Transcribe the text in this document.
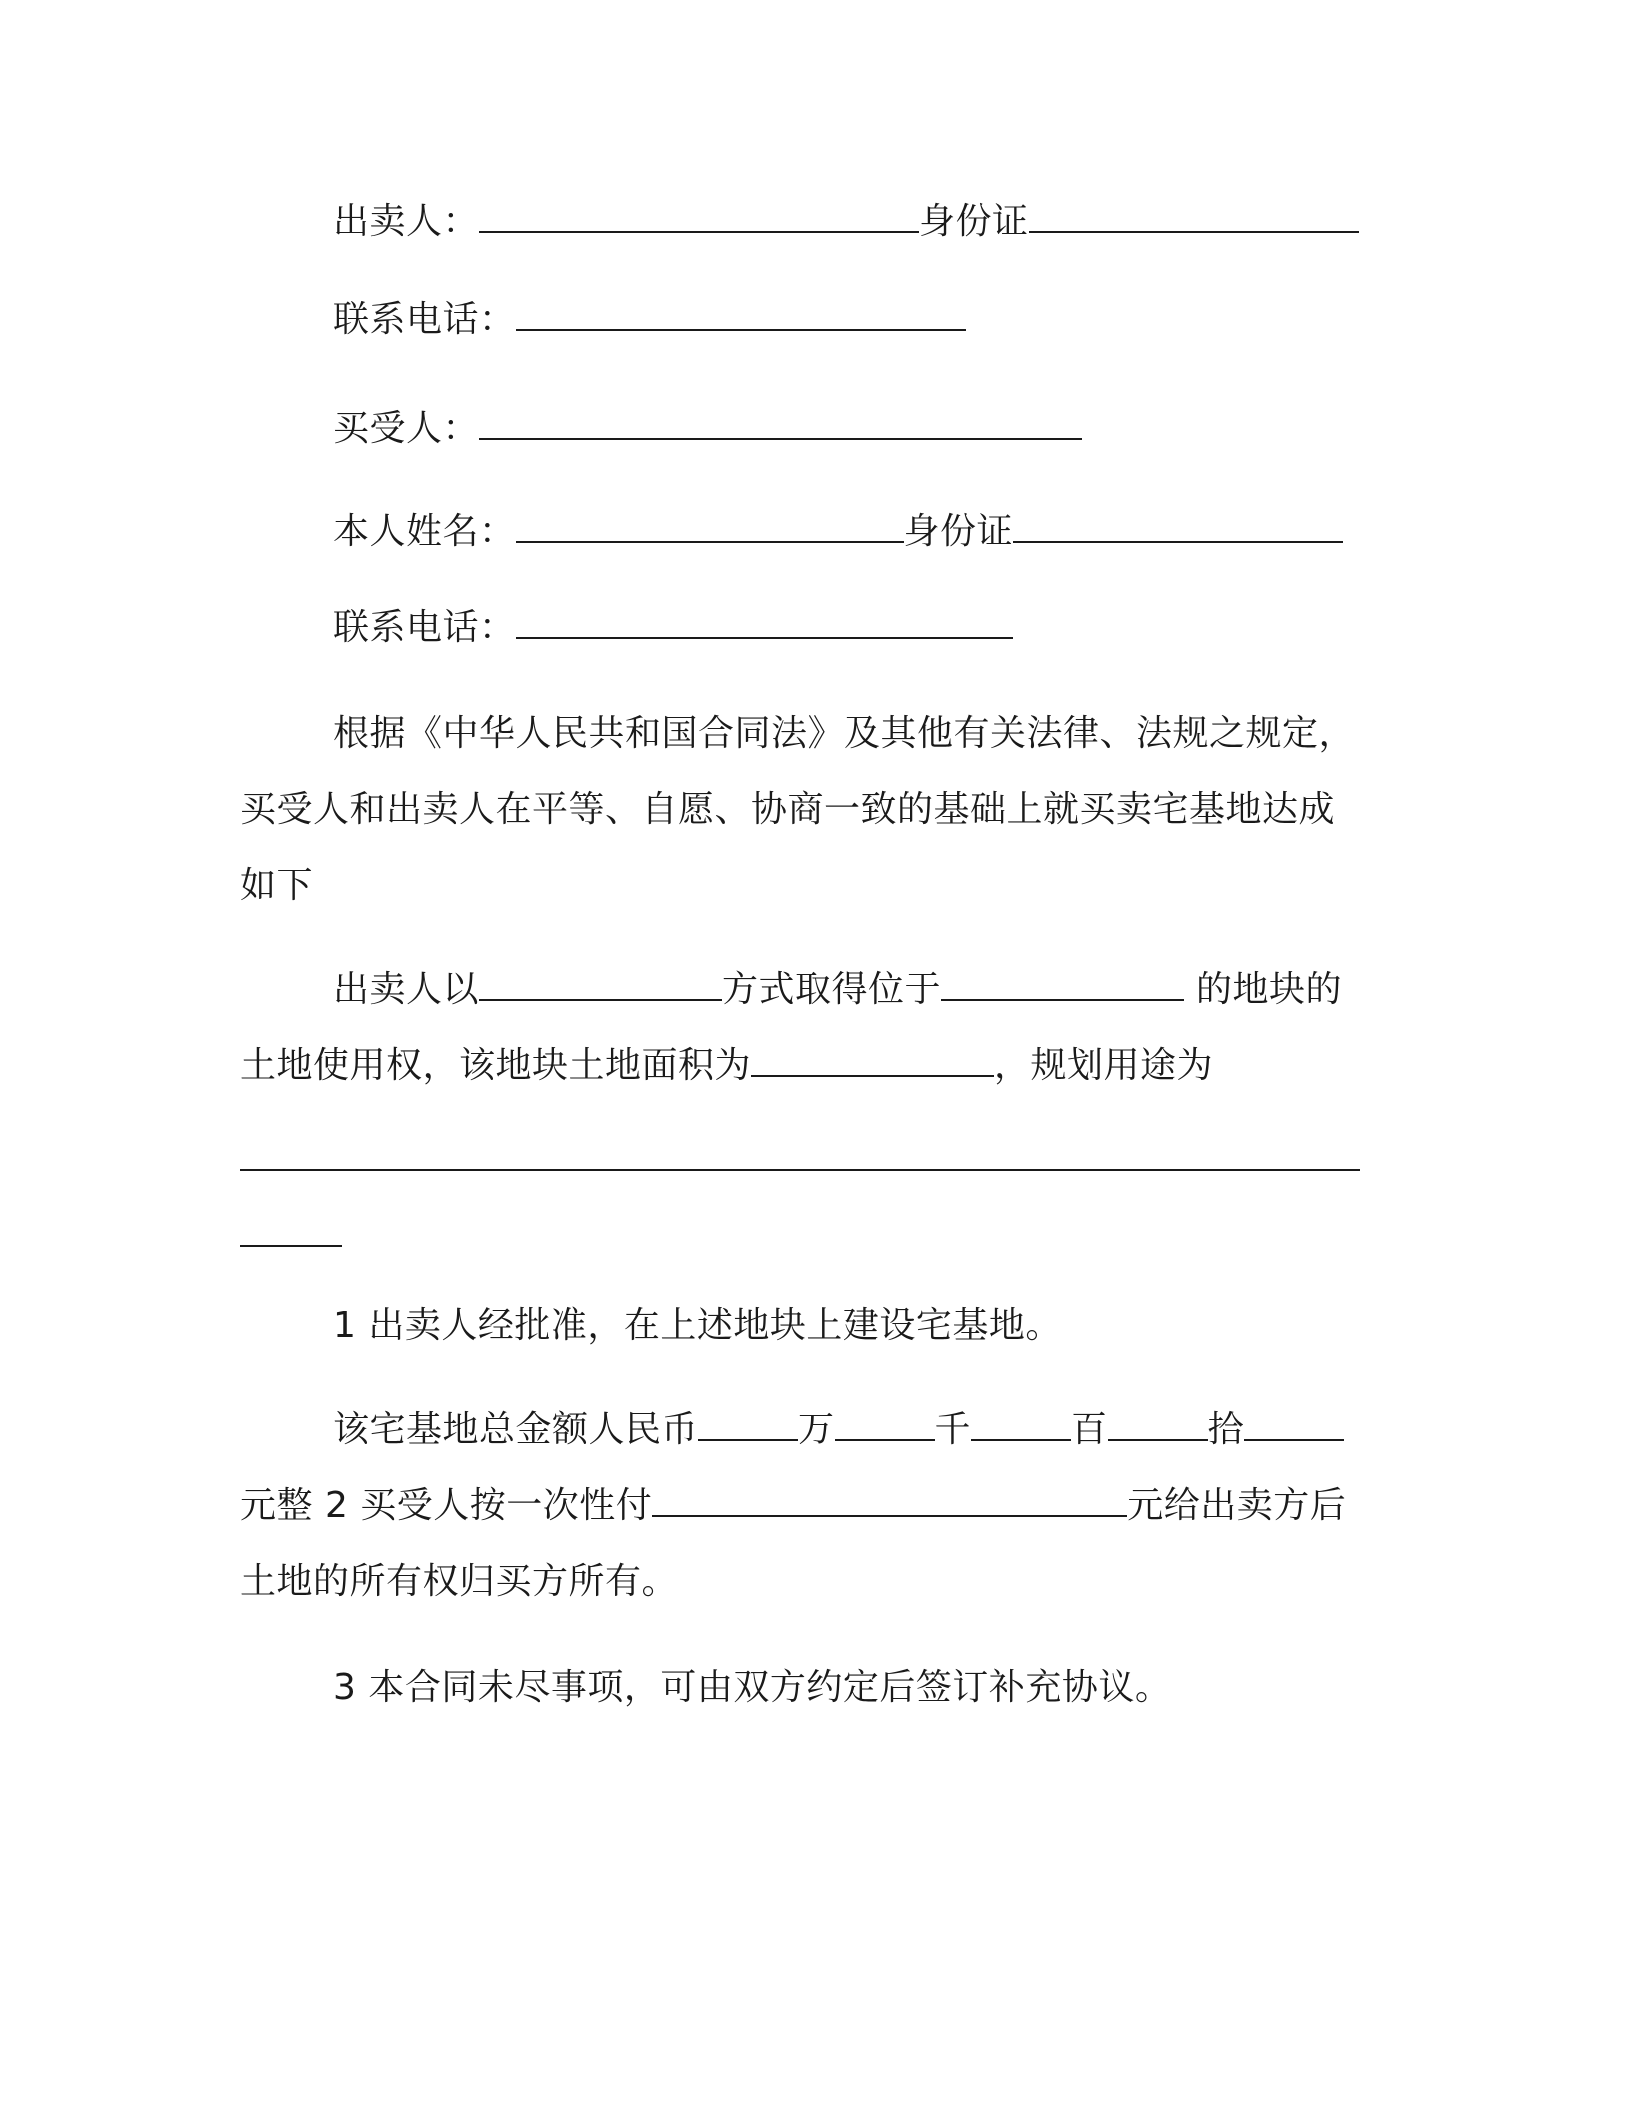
出卖人：	身份证
联系电话：
买受人：
本人姓名：	身份证
联系电话：
根据《中华人民共和国合同法》及其他有关法律、法规之规定，
买受人和出卖人在平等、自愿、协商一致的基础上就买卖宅基地达成
如下
出卖人以	方式取得位于	的地块的
土地使用权，该地块土地面积为	，规划用途为
1 出卖人经批准，在上述地块上建设宅基地。
该宅基地总金额人民币	万	千	百	拾
元整 2 买受人按一次性付	元给出卖方后
土地的所有权归买方所有。
3 本合同未尽事项，可由双方约定后签订补充协议。
